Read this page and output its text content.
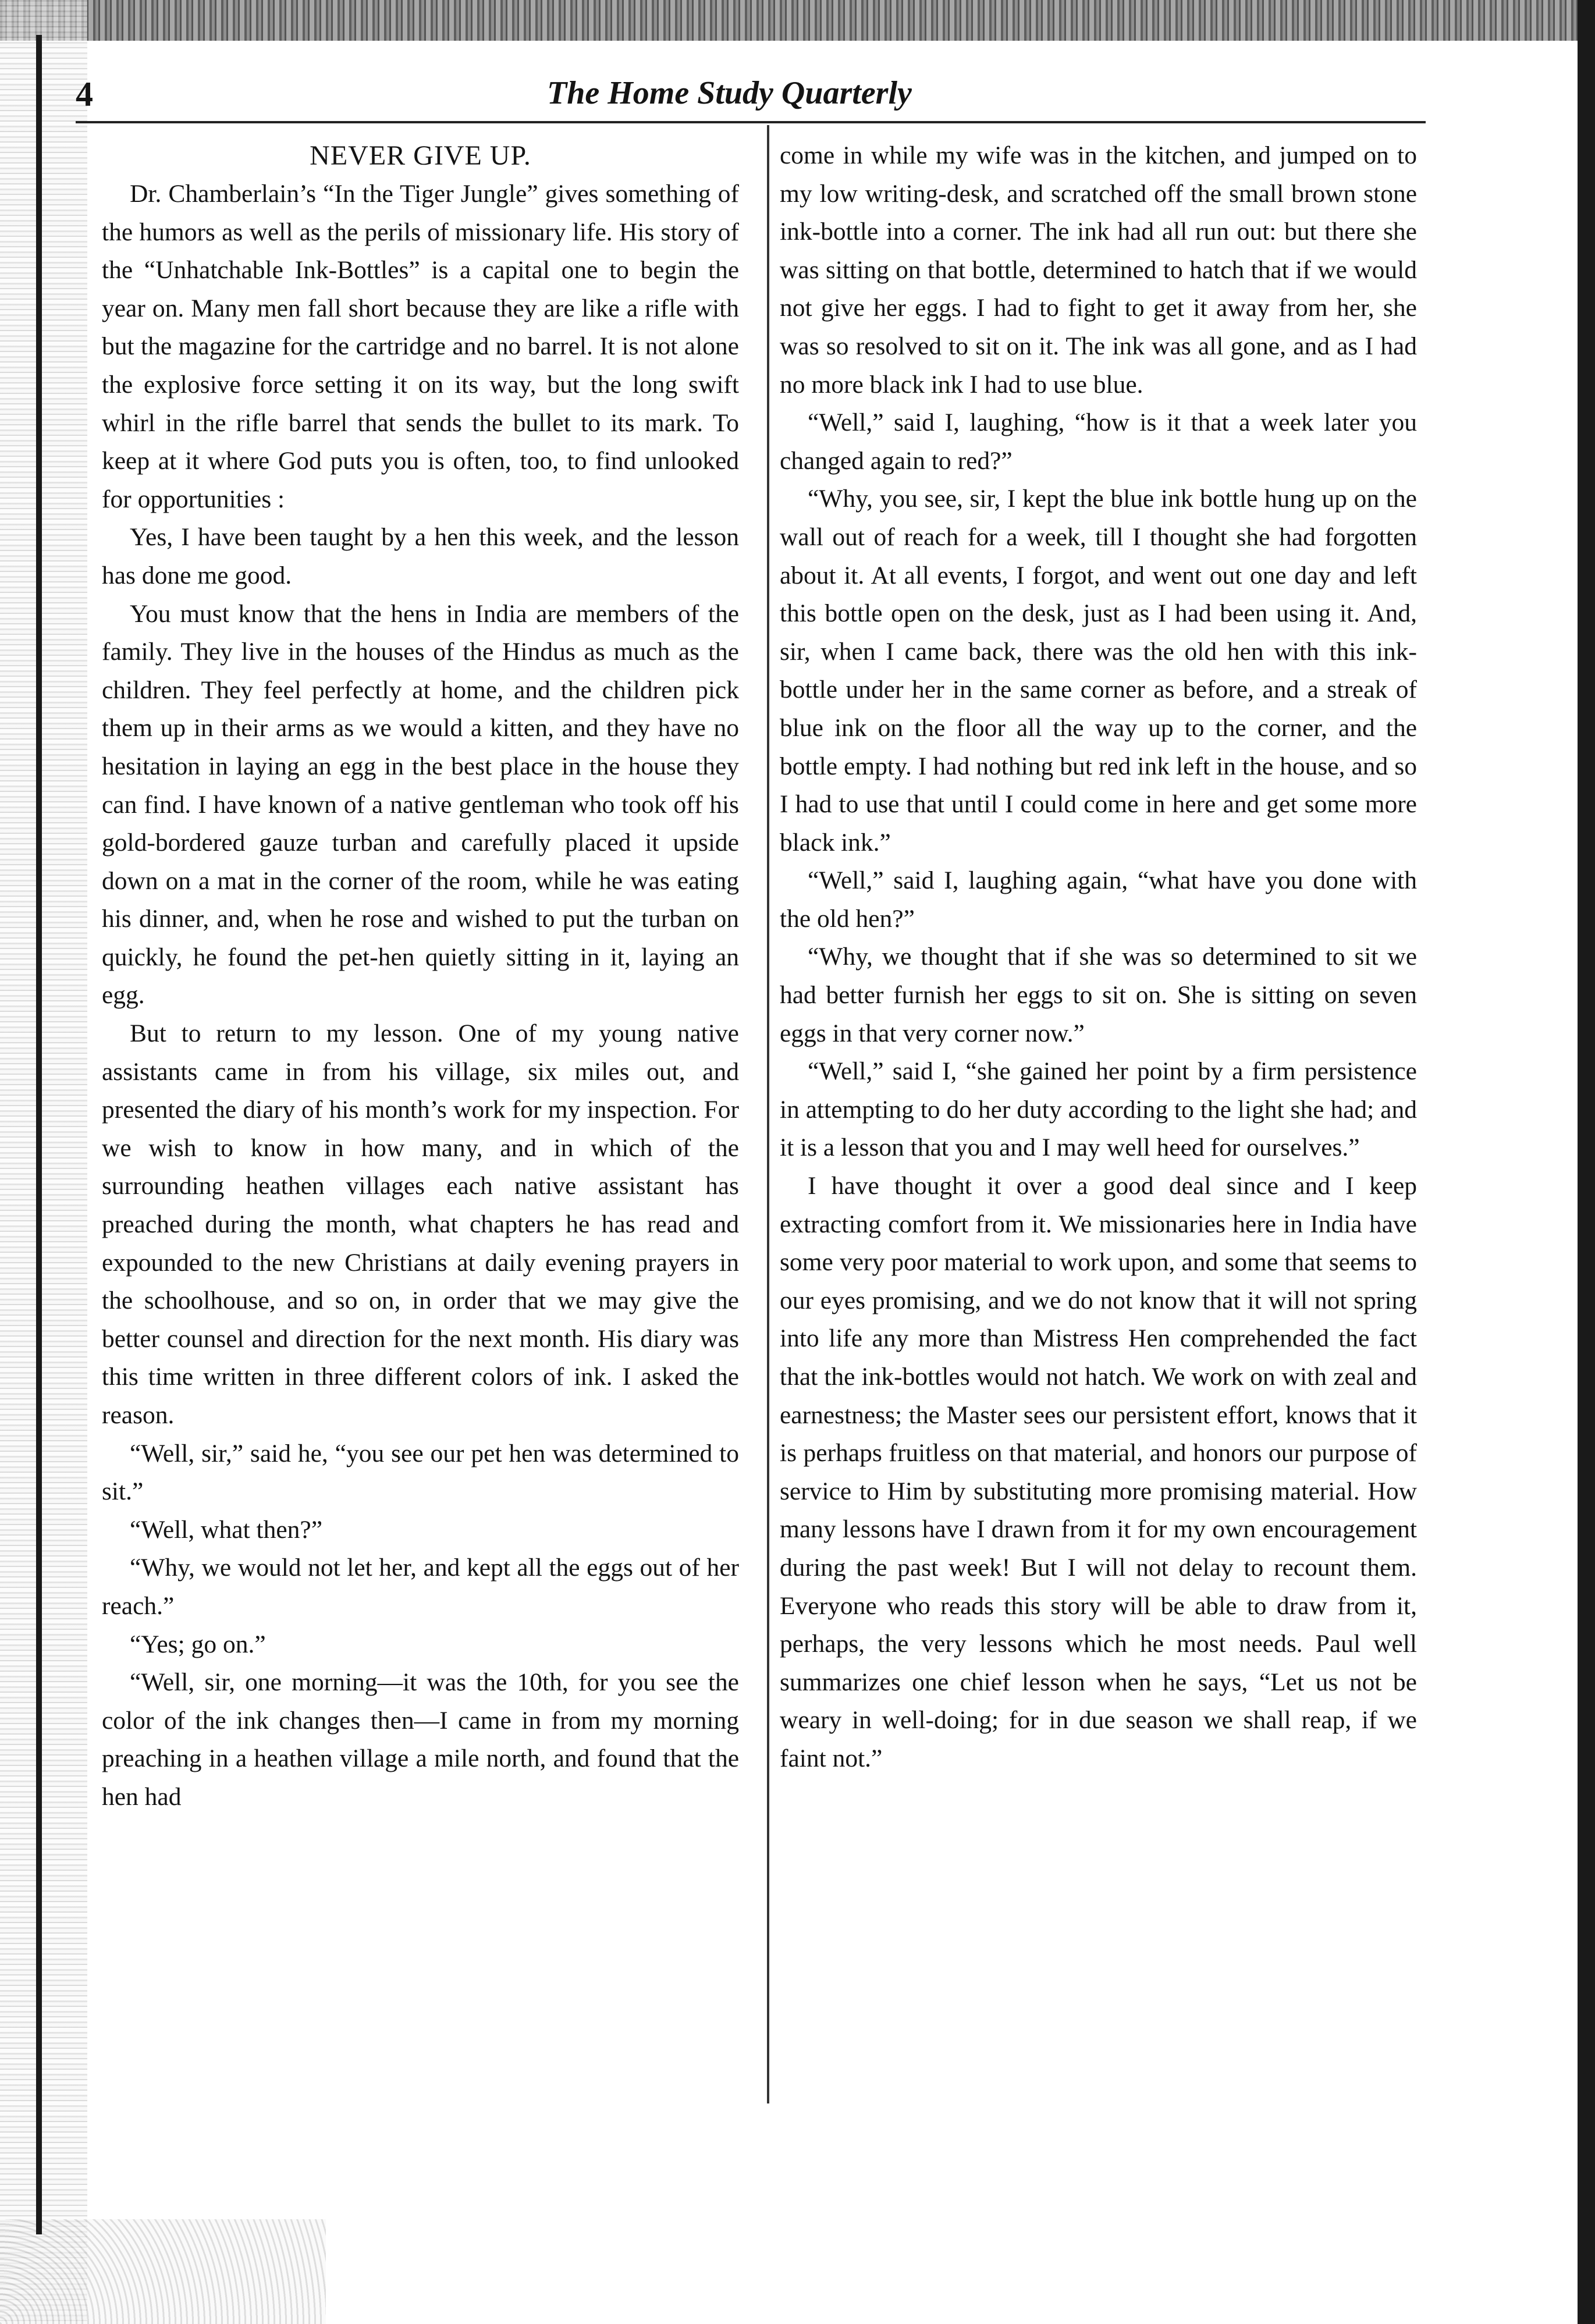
4	The Home Study Quarterly

NEVER GIVE UP.

Dr. Chamberlain’s “In the Tiger Jungle” gives something of the humors as well as the perils of missionary life. His story of the “Unhatchable Ink-Bottles” is a capital one to begin the year on. Many men fall short because they are like a rifle with but the magazine for the cartridge and no barrel. It is not alone the explosive force setting it on its way, but the long swift whirl in the rifle barrel that sends the bullet to its mark. To keep at it where God puts you is often, too, to find unlooked for opportunities :

Yes, I have been taught by a hen this week, and the lesson has done me good.

You must know that the hens in India are members of the family. They live in the houses of the Hindus as much as the children. They feel perfectly at home, and the children pick them up in their arms as we would a kitten, and they have no hesitation in laying an egg in the best place in the house they can find. I have known of a native gentleman who took off his gold-bordered gauze turban and carefully placed it upside down on a mat in the corner of the room, while he was eating his dinner, and, when he rose and wished to put the turban on quickly, he found the pet-hen quietly sitting in it, laying an egg.

But to return to my lesson. One of my young native assistants came in from his village, six miles out, and presented the diary of his month’s work for my inspection. For we wish to know in how many, and in which of the surrounding heathen villages each native assistant has preached during the month, what chapters he has read and expounded to the new Christians at daily evening prayers in the schoolhouse, and so on, in order that we may give the better counsel and direction for the next month. His diary was this time written in three different colors of ink. I asked the reason.

“Well, sir,” said he, “you see our pet hen was determined to sit.”

“Well, what then?”

“Why, we would not let her, and kept all the eggs out of her reach.”

“Yes; go on.”

“Well, sir, one morning—it was the 10th, for you see the color of the ink changes then—I came in from my morning preaching in a heathen village a mile north, and found that the hen had

come in while my wife was in the kitchen, and jumped on to my low writing-desk, and scratched off the small brown stone ink-bottle into a corner. The ink had all run out: but there she was sitting on that bottle, determined to hatch that if we would not give her eggs. I had to fight to get it away from her, she was so resolved to sit on it. The ink was all gone, and as I had no more black ink I had to use blue.

“Well,” said I, laughing, “how is it that a week later you changed again to red?”

“Why, you see, sir, I kept the blue ink bottle hung up on the wall out of reach for a week, till I thought she had forgotten about it. At all events, I forgot, and went out one day and left this bottle open on the desk, just as I had been using it. And, sir, when I came back, there was the old hen with this ink-bottle under her in the same corner as before, and a streak of blue ink on the floor all the way up to the corner, and the bottle empty. I had nothing but red ink left in the house, and so I had to use that until I could come in here and get some more black ink.”

“Well,” said I, laughing again, “what have you done with the old hen?”

“Why, we thought that if she was so determined to sit we had better furnish her eggs to sit on. She is sitting on seven eggs in that very corner now.”

“Well,” said I, “she gained her point by a firm persistence in attempting to do her duty according to the light she had; and it is a lesson that you and I may well heed for ourselves.”

I have thought it over a good deal since and I keep extracting comfort from it. We missionaries here in India have some very poor material to work upon, and some that seems to our eyes promising, and we do not know that it will not spring into life any more than Mistress Hen comprehended the fact that the ink-bottles would not hatch. We work on with zeal and earnestness; the Master sees our persistent effort, knows that it is perhaps fruitless on that material, and honors our purpose of service to Him by substituting more promising material. How many lessons have I drawn from it for my own encouragement during the past week! But I will not delay to recount them. Everyone who reads this story will be able to draw from it, perhaps, the very lessons which he most needs. Paul well summarizes one chief lesson when he says, “Let us not be weary in well-doing; for in due season we shall reap, if we faint not.”
